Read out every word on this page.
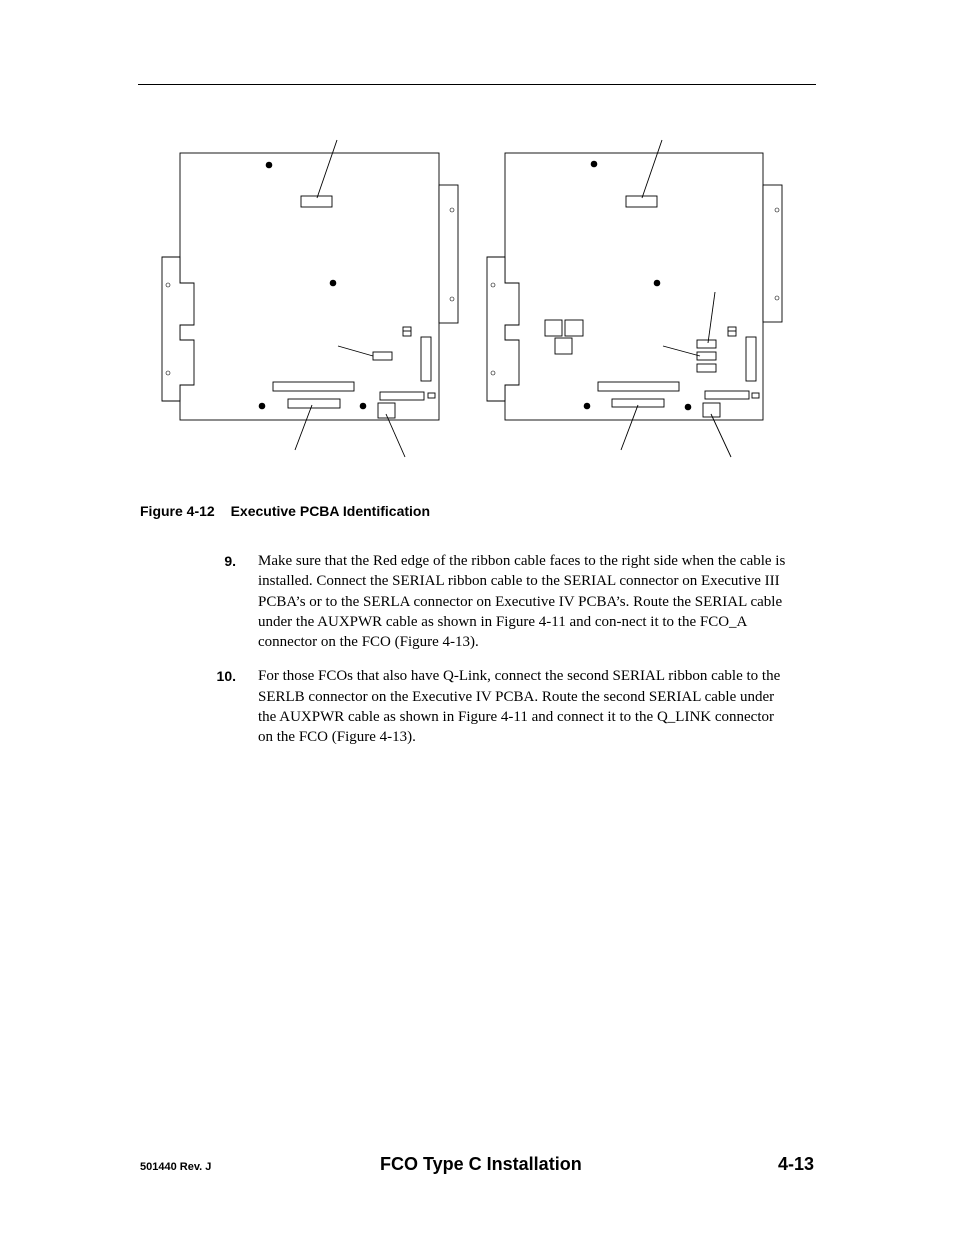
Figure 4-12 Executive PCBA Identification
9. Make sure that the Red edge of the ribbon cable faces to the right side when the cable is installed. Connect the SERIAL ribbon cable to the SERIAL connector on Executive III PCBA’s or to the SERLA connector on Executive IV PCBA’s. Route the SERIAL cable under the AUXPWR cable as shown in Figure 4-11 and con-nect it to the FCO_A connector on the FCO (Figure 4-13).
10. For those FCOs that also have Q-Link, connect the second SERIAL ribbon cable to the SERLB connector on the Executive IV PCBA. Route the second SERIAL cable under the AUXPWR cable as shown in Figure 4-11 and connect it to the Q_LINK connector on the FCO (Figure 4-13).
501440 Rev. J	FCO Type C Installation	4-13
